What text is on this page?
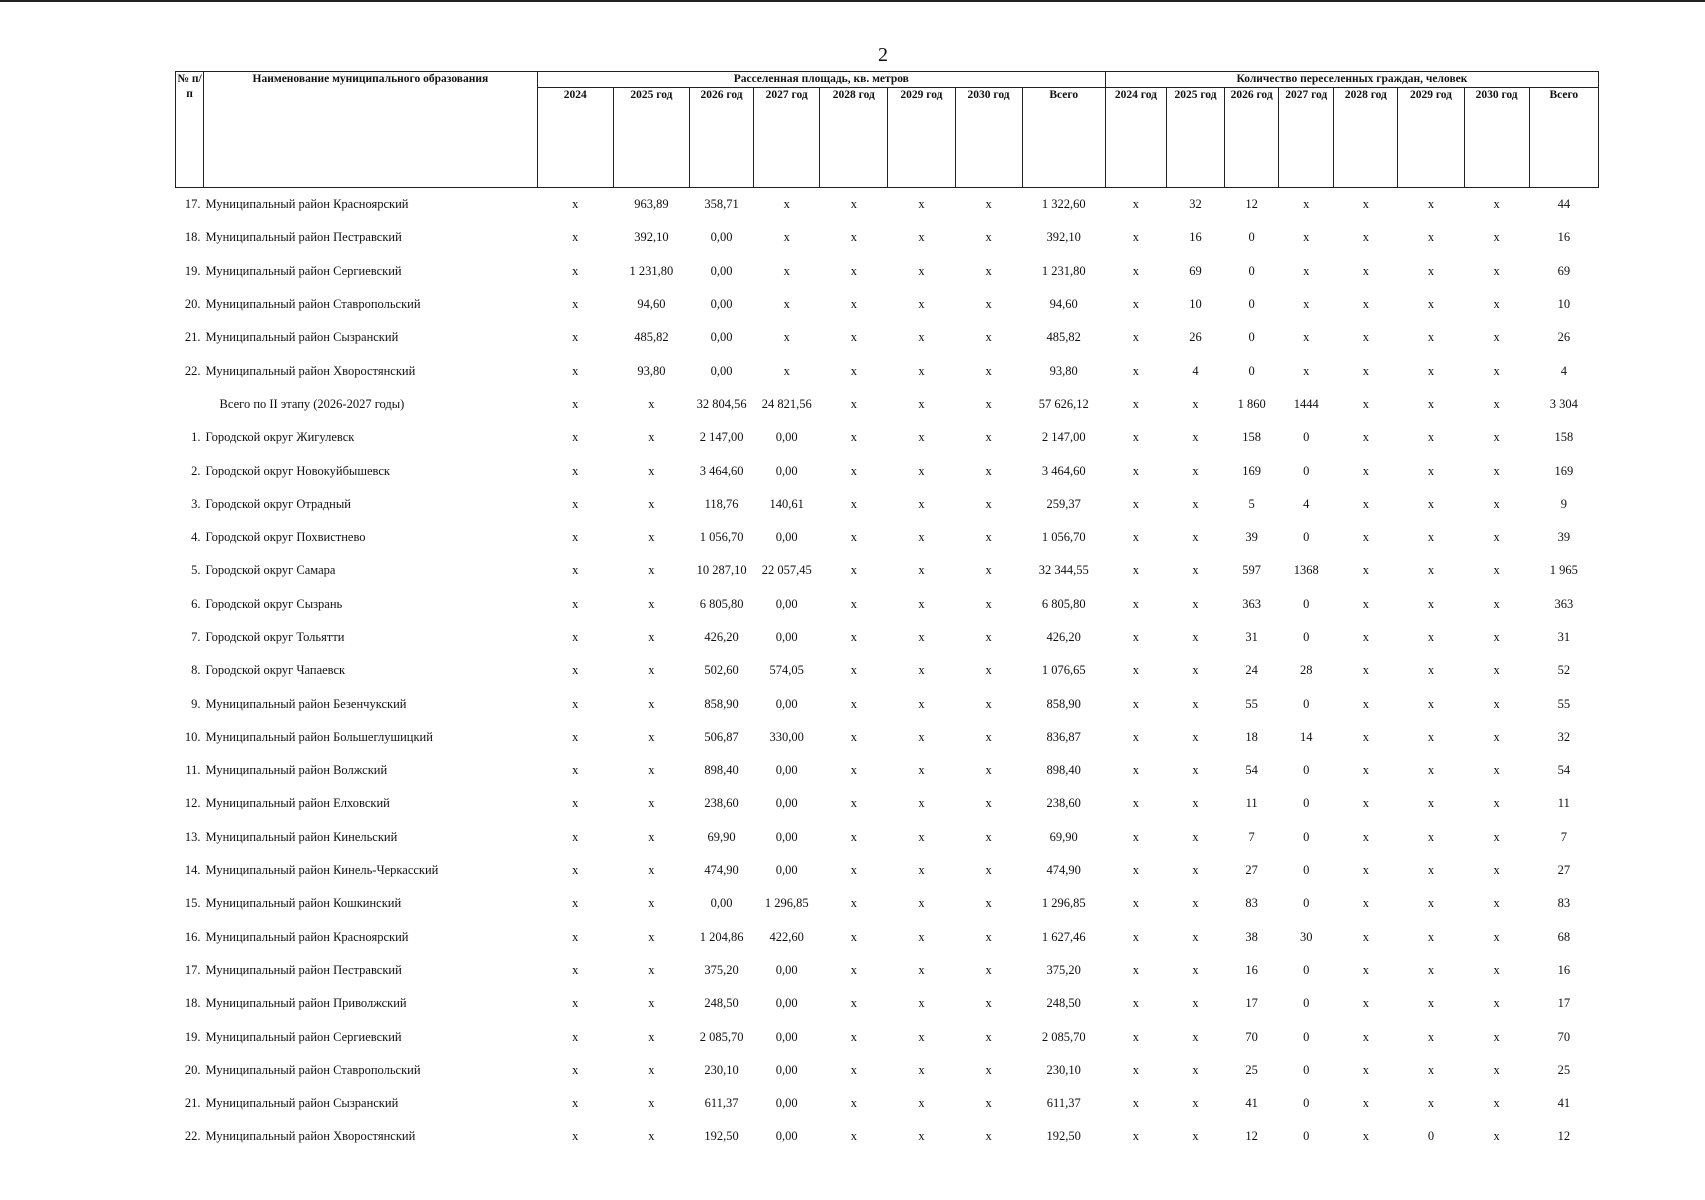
2
№ п/п	Наименование муниципального образования	Расселенная площадь, кв. метров								Количество переселенных граждан, человек							
		2024	2025 год	2026 год	2027 год	2028 год	2029 год	2030 год	Всего	2024 год	2025 год	2026 год	2027 год	2028 год	2029 год	2030 год	Всего
17.	Муниципальный район Красноярский	x	963,89	358,71	x	x	x	x	1 322,60	x	32	12	x	x	x	x	44
18.	Муниципальный район Пестравский	x	392,10	0,00	x	x	x	x	392,10	x	16	0	x	x	x	x	16
19.	Муниципальный район Сергиевский	x	1 231,80	0,00	x	x	x	x	1 231,80	x	69	0	x	x	x	x	69
20.	Муниципальный район Ставропольский	x	94,60	0,00	x	x	x	x	94,60	x	10	0	x	x	x	x	10
21.	Муниципальный район Сызранский	x	485,82	0,00	x	x	x	x	485,82	x	26	0	x	x	x	x	26
22.	Муниципальный район Хворостянский	x	93,80	0,00	x	x	x	x	93,80	x	4	0	x	x	x	x	4
	Всего по II этапу (2026-2027 годы)	x	x	32 804,56	24 821,56	x	x	x	57 626,12	x	x	1 860	1444	x	x	x	3 304
1.	Городской округ Жигулевск	x	x	2 147,00	0,00	x	x	x	2 147,00	x	x	158	0	x	x	x	158
2.	Городской округ Новокуйбышевск	x	x	3 464,60	0,00	x	x	x	3 464,60	x	x	169	0	x	x	x	169
3.	Городской округ Отрадный	x	x	118,76	140,61	x	x	x	259,37	x	x	5	4	x	x	x	9
4.	Городской округ Похвистнево	x	x	1 056,70	0,00	x	x	x	1 056,70	x	x	39	0	x	x	x	39
5.	Городской округ Самара	x	x	10 287,10	22 057,45	x	x	x	32 344,55	x	x	597	1368	x	x	x	1 965
6.	Городской округ Сызрань	x	x	6 805,80	0,00	x	x	x	6 805,80	x	x	363	0	x	x	x	363
7.	Городской округ Тольятти	x	x	426,20	0,00	x	x	x	426,20	x	x	31	0	x	x	x	31
8.	Городской округ Чапаевск	x	x	502,60	574,05	x	x	x	1 076,65	x	x	24	28	x	x	x	52
9.	Муниципальный район Безенчукский	x	x	858,90	0,00	x	x	x	858,90	x	x	55	0	x	x	x	55
10.	Муниципальный район Большеглушицкий	x	x	506,87	330,00	x	x	x	836,87	x	x	18	14	x	x	x	32
11.	Муниципальный район Волжский	x	x	898,40	0,00	x	x	x	898,40	x	x	54	0	x	x	x	54
12.	Муниципальный район Елховский	x	x	238,60	0,00	x	x	x	238,60	x	x	11	0	x	x	x	11
13.	Муниципальный район Кинельский	x	x	69,90	0,00	x	x	x	69,90	x	x	7	0	x	x	x	7
14.	Муниципальный район Кинель-Черкасский	x	x	474,90	0,00	x	x	x	474,90	x	x	27	0	x	x	x	27
15.	Муниципальный район Кошкинский	x	x	0,00	1 296,85	x	x	x	1 296,85	x	x	83	0	x	x	x	83
16.	Муниципальный район Красноярский	x	x	1 204,86	422,60	x	x	x	1 627,46	x	x	38	30	x	x	x	68
17.	Муниципальный район Пестравский	x	x	375,20	0,00	x	x	x	375,20	x	x	16	0	x	x	x	16
18.	Муниципальный район Приволжский	x	x	248,50	0,00	x	x	x	248,50	x	x	17	0	x	x	x	17
19.	Муниципальный район Сергиевский	x	x	2 085,70	0,00	x	x	x	2 085,70	x	x	70	0	x	x	x	70
20.	Муниципальный район Ставропольский	x	x	230,10	0,00	x	x	x	230,10	x	x	25	0	x	x	x	25
21.	Муниципальный район Сызранский	x	x	611,37	0,00	x	x	x	611,37	x	x	41	0	x	x	x	41
22.	Муниципальный район Хворостянский	x	x	192,50	0,00	x	x	x	192,50	x	x	12	0	x	0	x	12
